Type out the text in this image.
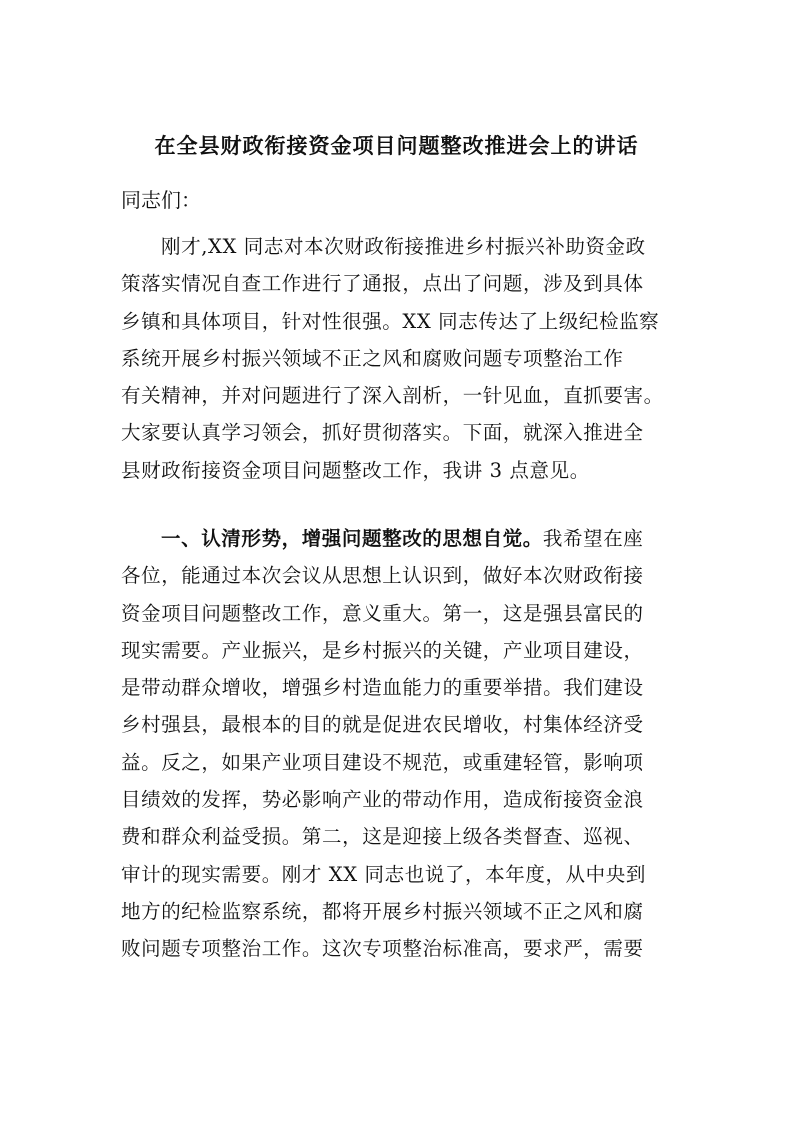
在全县财政衔接资金项目问题整改推进会上的讲话
同志们：
刚才,XX 同志对本次财政衔接推进乡村振兴补助资金政
策落实情况自查工作进行了通报，点出了问题，涉及到具体
乡镇和具体项目，针对性很强。XX 同志传达了上级纪检监察
系统开展乡村振兴领域不正之风和腐败问题专项整治工作
有关精神，并对问题进行了深入剖析，一针见血，直抓要害。
大家要认真学习领会，抓好贯彻落实。下面，就深入推进全
县财政衔接资金项目问题整改工作，我讲 3 点意见。
一、认清形势，增强问题整改的思想自觉。我希望在座
各位，能通过本次会议从思想上认识到，做好本次财政衔接
资金项目问题整改工作，意义重大。第一，这是强县富民的
现实需要。产业振兴，是乡村振兴的关键，产业项目建设，
是带动群众增收，增强乡村造血能力的重要举措。我们建设
乡村强县，最根本的目的就是促进农民增收，村集体经济受
益。反之，如果产业项目建设不规范，或重建轻管，影响项
目绩效的发挥，势必影响产业的带动作用，造成衔接资金浪
费和群众利益受损。第二，这是迎接上级各类督查、巡视、
审计的现实需要。刚才 XX 同志也说了，本年度，从中央到
地方的纪检监察系统，都将开展乡村振兴领域不正之风和腐
败问题专项整治工作。这次专项整治标准高，要求严，需要
